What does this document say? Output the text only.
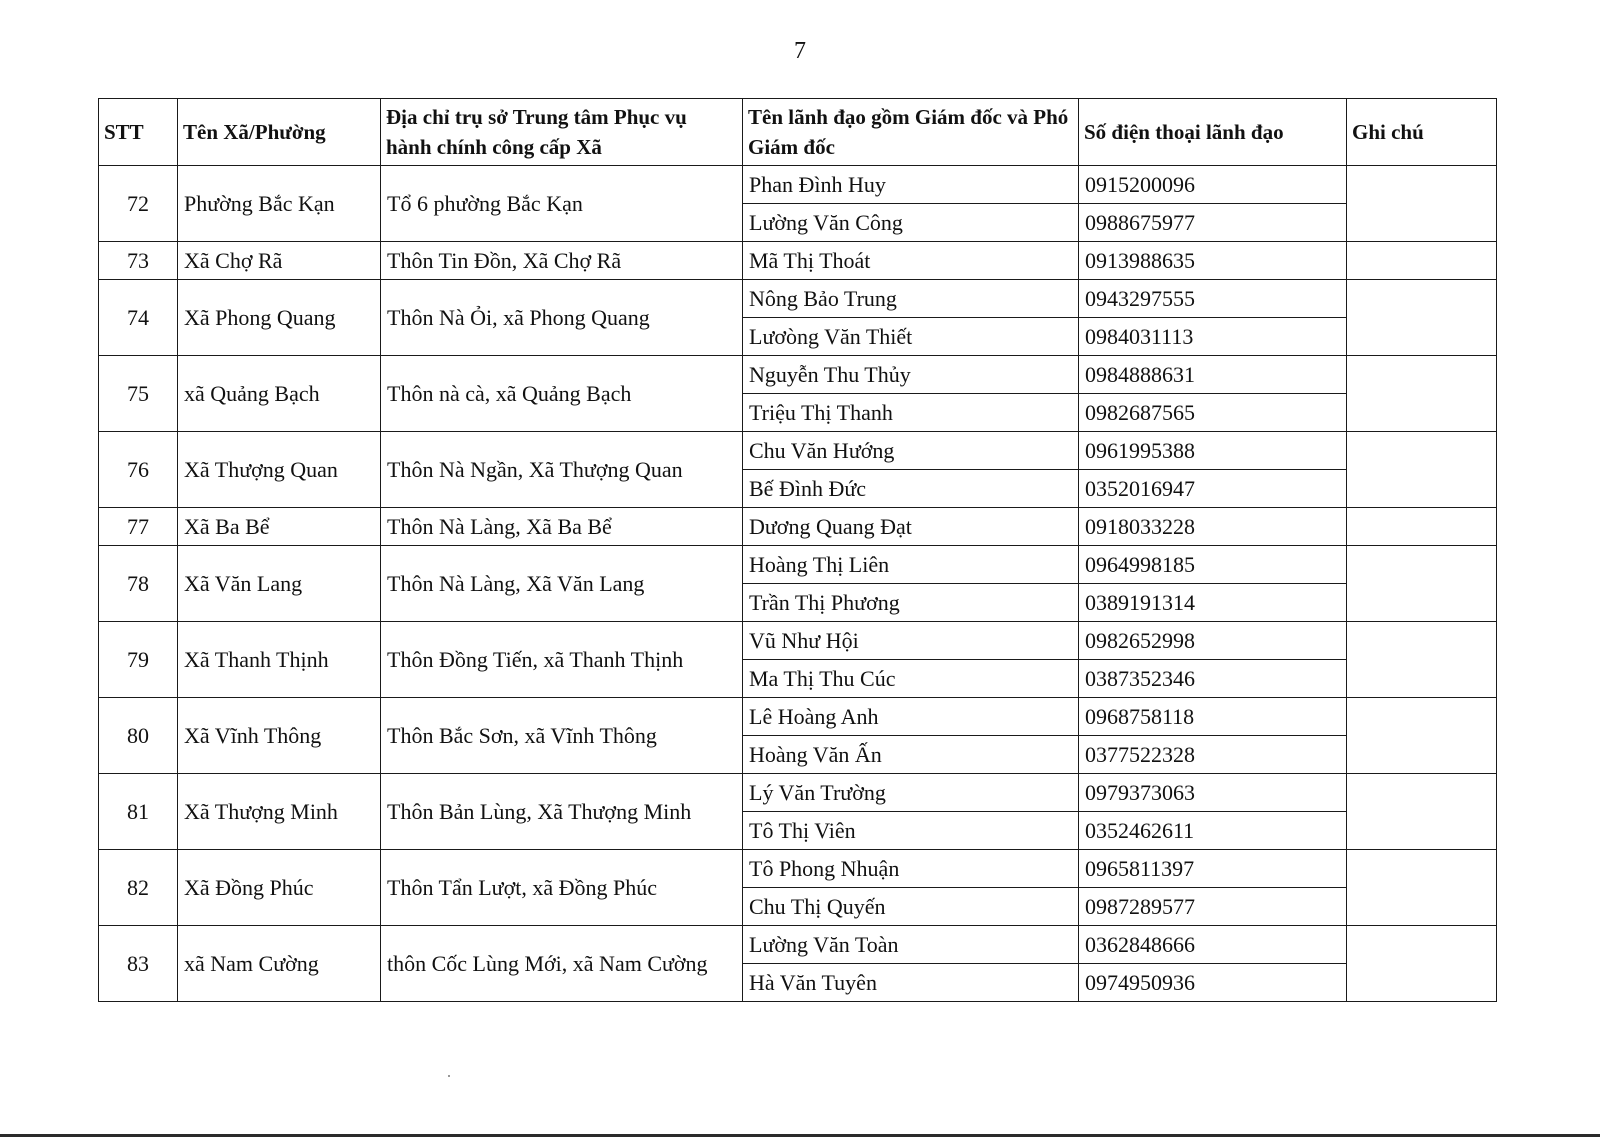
7
STT	Tên Xã/Phường	Địa chỉ trụ sở Trung tâm Phục vụ hành chính công cấp Xã	Tên lãnh đạo gồm Giám đốc và Phó Giám đốc	Số điện thoại lãnh đạo	Ghi chú
72	Phường Bắc Kạn	Tổ 6 phường Bắc Kạn	Phan Đình Huy	0915200096	
			Lường Văn Công	0988675977	
73	Xã Chợ Rã	Thôn Tin Đồn, Xã Chợ Rã	Mã Thị Thoát	0913988635	
74	Xã Phong Quang	Thôn Nà Ỏi, xã Phong Quang	Nông Bảo Trung	0943297555	
			Lươòng Văn Thiết	0984031113	
75	xã Quảng Bạch	Thôn nà cà, xã Quảng Bạch	Nguyễn Thu Thủy	0984888631	
			Triệu Thị Thanh	0982687565	
76	Xã Thượng Quan	Thôn Nà Ngần, Xã Thượng Quan	Chu Văn Hướng	0961995388	
			Bế Đình Đức	0352016947	
77	Xã Ba Bể	Thôn Nà Làng, Xã Ba Bể	Dương Quang Đạt	0918033228	
78	Xã Văn Lang	Thôn Nà Làng, Xã Văn Lang	Hoàng Thị Liên	0964998185	
			Trần Thị Phương	0389191314	
79	Xã Thanh Thịnh	Thôn Đồng Tiến, xã Thanh Thịnh	Vũ Như Hội	0982652998	
			Ma Thị Thu Cúc	0387352346	
80	Xã Vĩnh Thông	Thôn Bắc Sơn, xã Vĩnh Thông	Lê Hoàng Anh	0968758118	
			Hoàng Văn Ấn	0377522328	
81	Xã Thượng Minh	Thôn Bản Lùng, Xã Thượng Minh	Lý Văn Trường	0979373063	
			Tô Thị Viên	0352462611	
82	Xã Đồng Phúc	Thôn Tẩn Lượt, xã Đồng Phúc	Tô Phong Nhuận	0965811397	
			Chu Thị Quyến	0987289577	
83	xã Nam Cường	thôn Cốc Lùng Mới, xã Nam Cường	Lường Văn Toàn	0362848666	
			Hà Văn Tuyên	0974950936	
